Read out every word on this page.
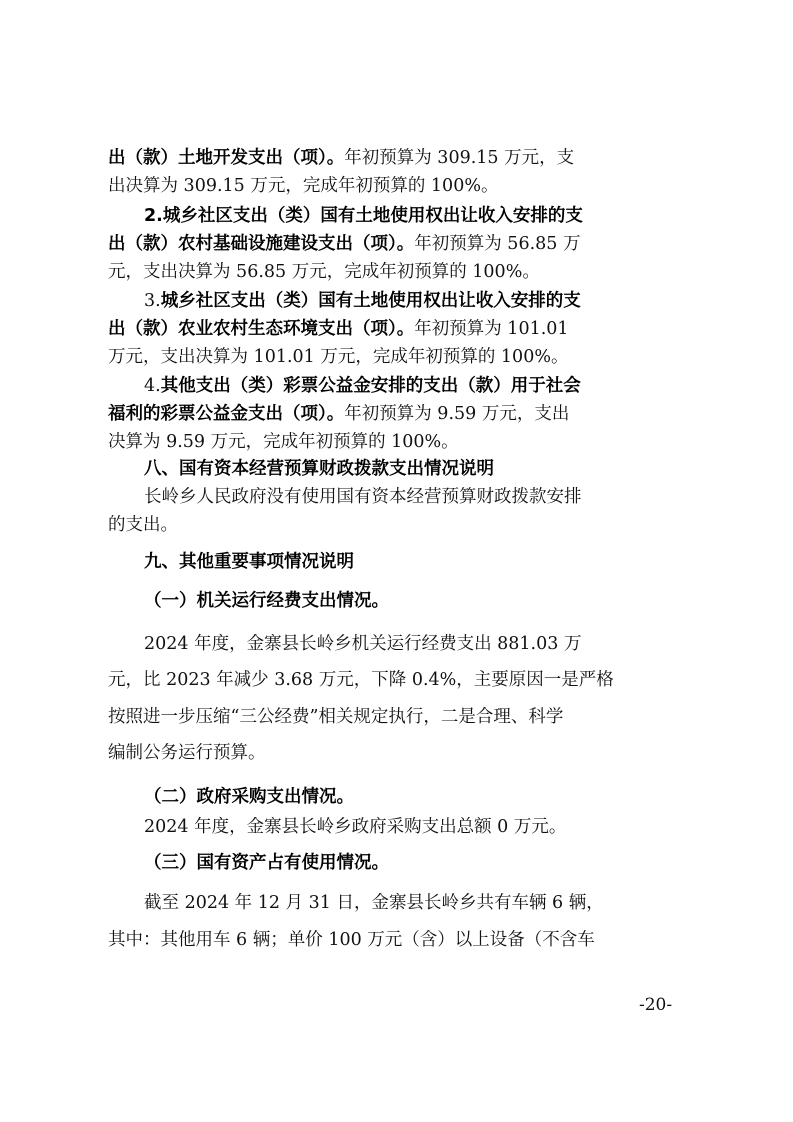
出（款）土地开发支出（项）。年初预算为 309.15 万元，支
出决算为 309.15 万元，完成年初预算的 100%。
2.城乡社区支出（类）国有土地使用权出让收入安排的支
出（款）农村基础设施建设支出（项）。年初预算为 56.85 万
元，支出决算为 56.85 万元，完成年初预算的 100%。
3.城乡社区支出（类）国有土地使用权出让收入安排的支
出（款）农业农村生态环境支出（项）。年初预算为 101.01
万元，支出决算为 101.01 万元，完成年初预算的 100%。
4.其他支出（类）彩票公益金安排的支出（款）用于社会
福利的彩票公益金支出（项）。年初预算为 9.59 万元，支出
决算为 9.59 万元，完成年初预算的 100%。
八、国有资本经营预算财政拨款支出情况说明
长岭乡人民政府没有使用国有资本经营预算财政拨款安排
的支出。
九、其他重要事项情况说明
（一）机关运行经费支出情况。
2024 年度，金寨县长岭乡机关运行经费支出 881.03 万
元，比 2023 年减少 3.68 万元，下降 0.4%，主要原因一是严格
按照进一步压缩“三公经费”相关规定执行，二是合理、科学
编制公务运行预算。
（二）政府采购支出情况。
2024 年度，金寨县长岭乡政府采购支出总额 0 万元。
（三）国有资产占有使用情况。
截至 2024 年 12 月 31 日，金寨县长岭乡共有车辆 6 辆，
其中：其他用车 6 辆；单价 100 万元（含）以上设备（不含车
-20-
